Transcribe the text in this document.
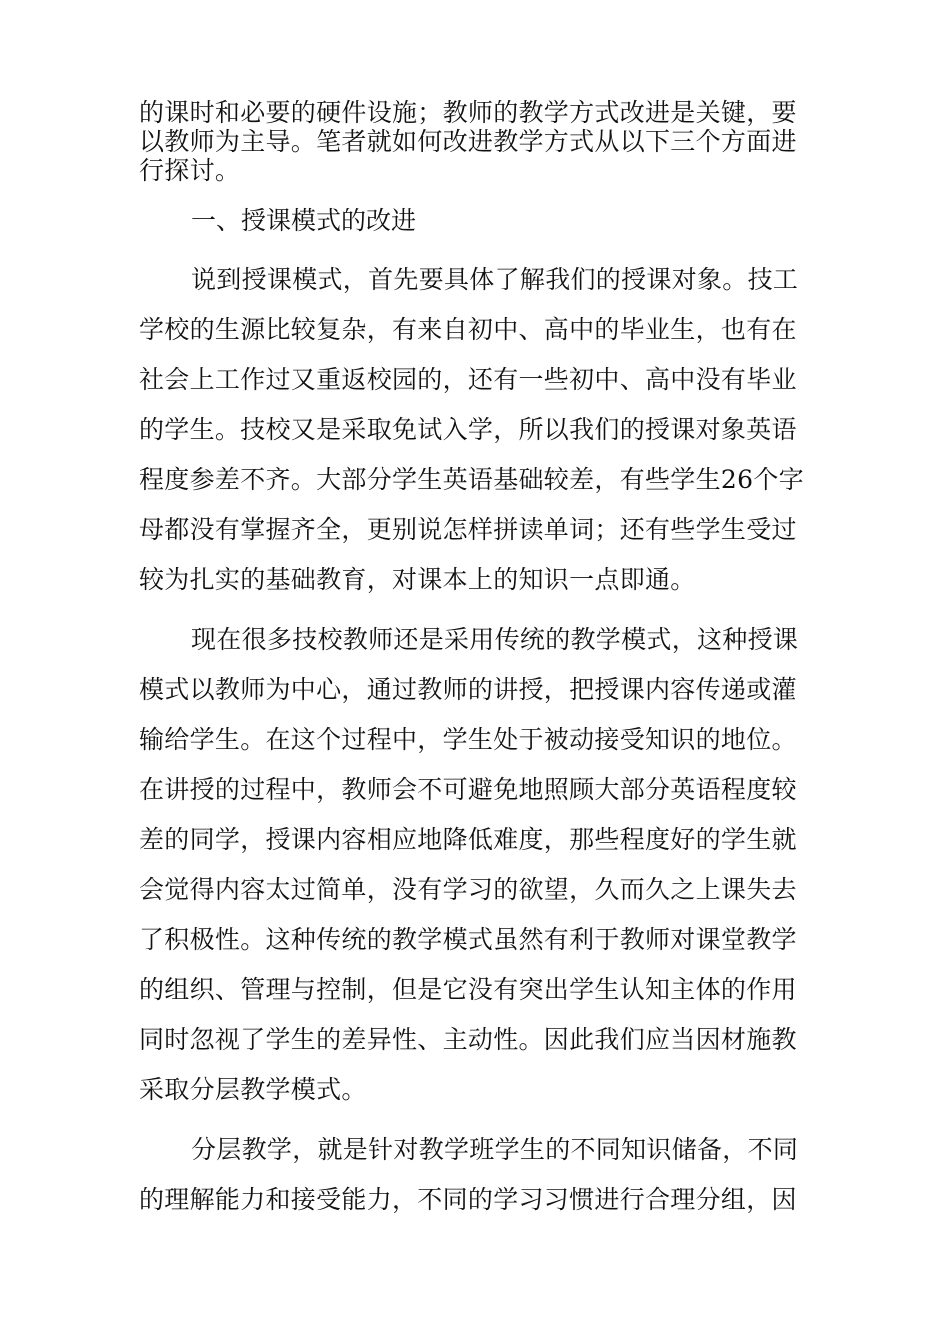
的课时和必要的硬件设施；教师的教学方式改进是关键，要
以教师为主导。笔者就如何改进教学方式从以下三个方面进
行探讨。
一、授课模式的改进
说到授课模式，首先要具体了解我们的授课对象。技工
学校的生源比较复杂，有来自初中、高中的毕业生，也有在
社会上工作过又重返校园的，还有一些初中、高中没有毕业
的学生。技校又是采取免试入学，所以我们的授课对象英语
程度参差不齐。大部分学生英语基础较差，有些学生26个字
母都没有掌握齐全，更别说怎样拼读单词；还有些学生受过
较为扎实的基础教育，对课本上的知识一点即通。
现在很多技校教师还是采用传统的教学模式，这种授课
模式以教师为中心，通过教师的讲授，把授课内容传递或灌
输给学生。在这个过程中，学生处于被动接受知识的地位。
在讲授的过程中，教师会不可避免地照顾大部分英语程度较
差的同学，授课内容相应地降低难度，那些程度好的学生就
会觉得内容太过简单，没有学习的欲望，久而久之上课失去
了积极性。这种传统的教学模式虽然有利于教师对课堂教学
的组织、管理与控制，但是它没有突出学生认知主体的作用
同时忽视了学生的差异性、主动性。因此我们应当因材施教
采取分层教学模式。
分层教学，就是针对教学班学生的不同知识储备，不同
的理解能力和接受能力，不同的学习习惯进行合理分组，因
